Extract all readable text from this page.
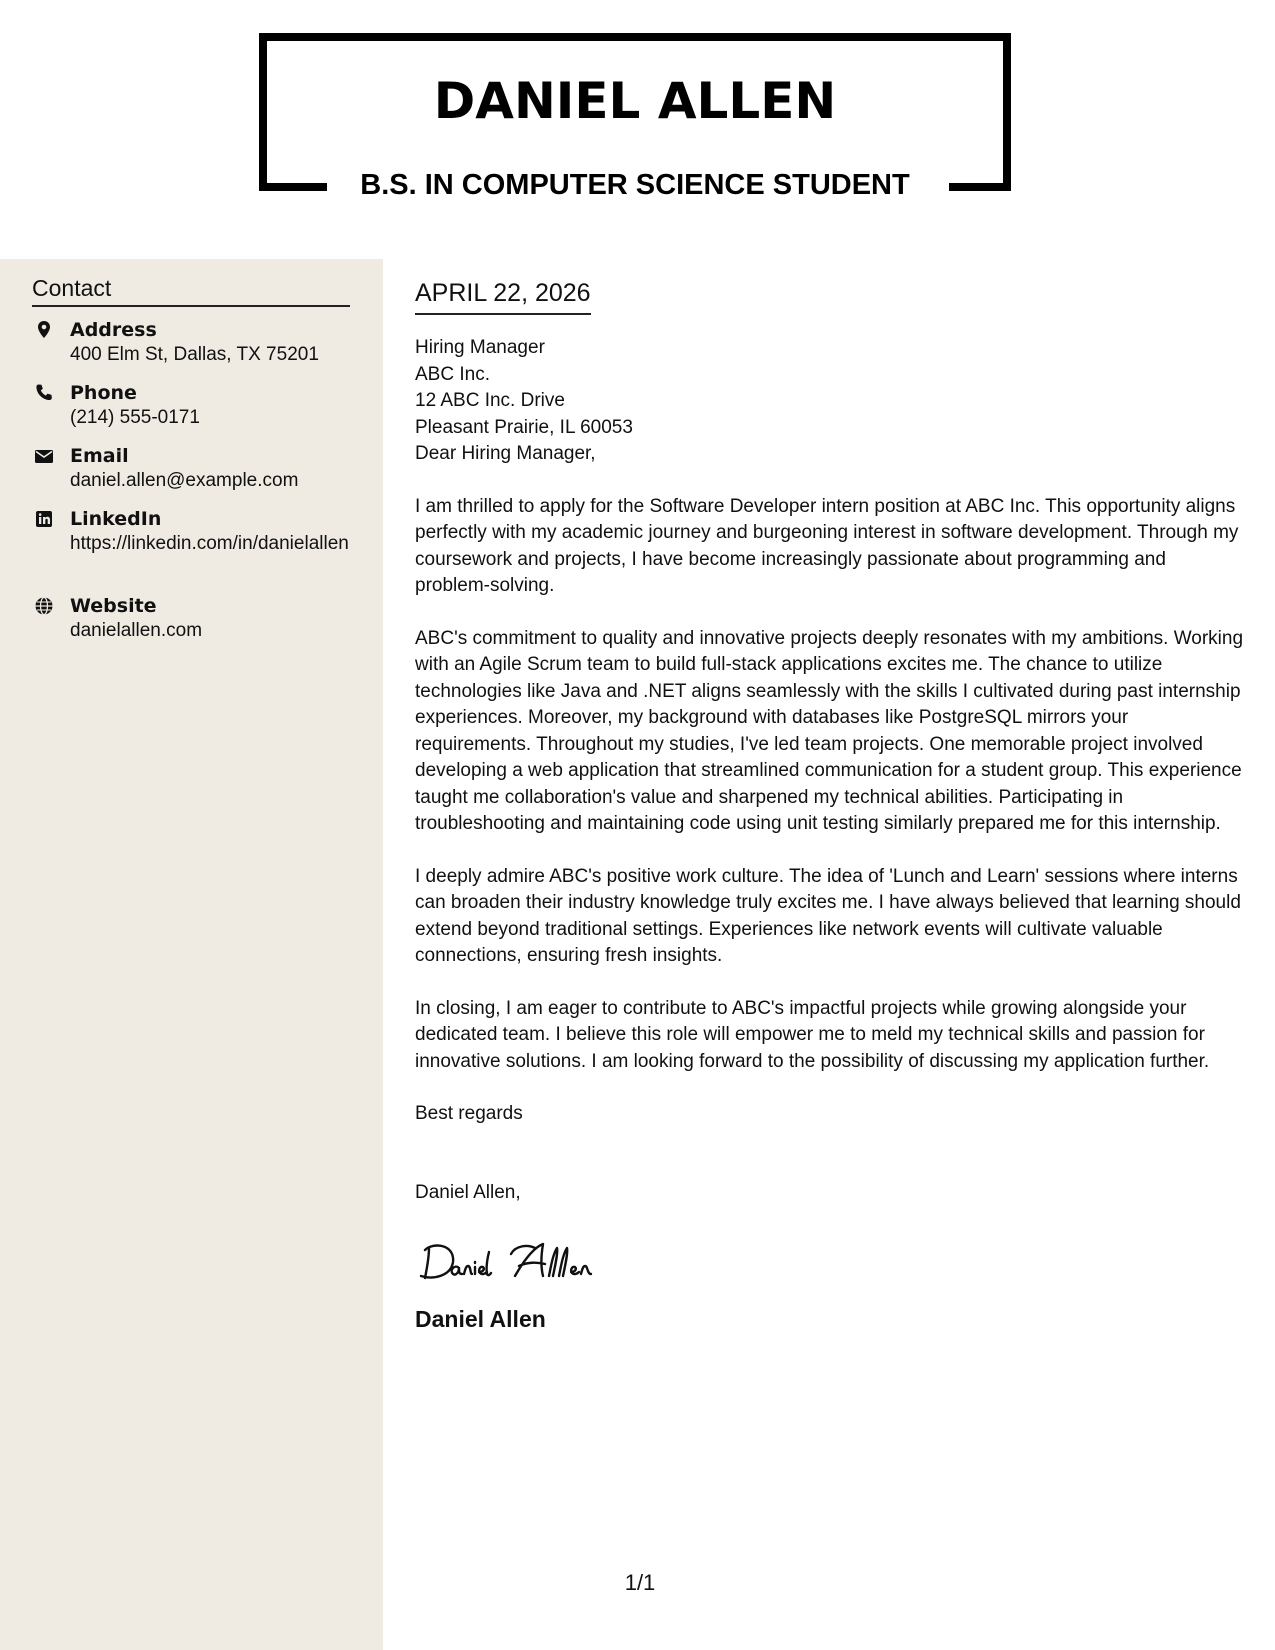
DANIEL ALLEN
B.S. IN COMPUTER SCIENCE STUDENT
Contact
Address
400 Elm St, Dallas, TX 75201
Phone
(214) 555-0171
Email
daniel.allen@example.com
LinkedIn
https://linkedin.com/in/danielallen
Website
danielallen.com
APRIL 22, 2026
Hiring Manager
ABC Inc.
12 ABC Inc. Drive
Pleasant Prairie, IL 60053
Dear Hiring Manager,

I am thrilled to apply for the Software Developer intern position at ABC Inc. This opportunity aligns perfectly with my academic journey and burgeoning interest in software development. Through my coursework and projects, I have become increasingly passionate about programming and problem-solving.

ABC's commitment to quality and innovative projects deeply resonates with my ambitions. Working with an Agile Scrum team to build full-stack applications excites me. The chance to utilize technologies like Java and .NET aligns seamlessly with the skills I cultivated during past internship experiences. Moreover, my background with databases like PostgreSQL mirrors your requirements. Throughout my studies, I've led team projects. One memorable project involved developing a web application that streamlined communication for a student group. This experience taught me collaboration's value and sharpened my technical abilities. Participating in troubleshooting and maintaining code using unit testing similarly prepared me for this internship.

I deeply admire ABC's positive work culture. The idea of 'Lunch and Learn' sessions where interns can broaden their industry knowledge truly excites me. I have always believed that learning should extend beyond traditional settings. Experiences like network events will cultivate valuable connections, ensuring fresh insights.

In closing, I am eager to contribute to ABC's impactful projects while growing alongside your dedicated team. I believe this role will empower me to meld my technical skills and passion for innovative solutions. I am looking forward to the possibility of discussing my application further.

Best regards
Daniel Allen,
Daniel Allen
1/1
